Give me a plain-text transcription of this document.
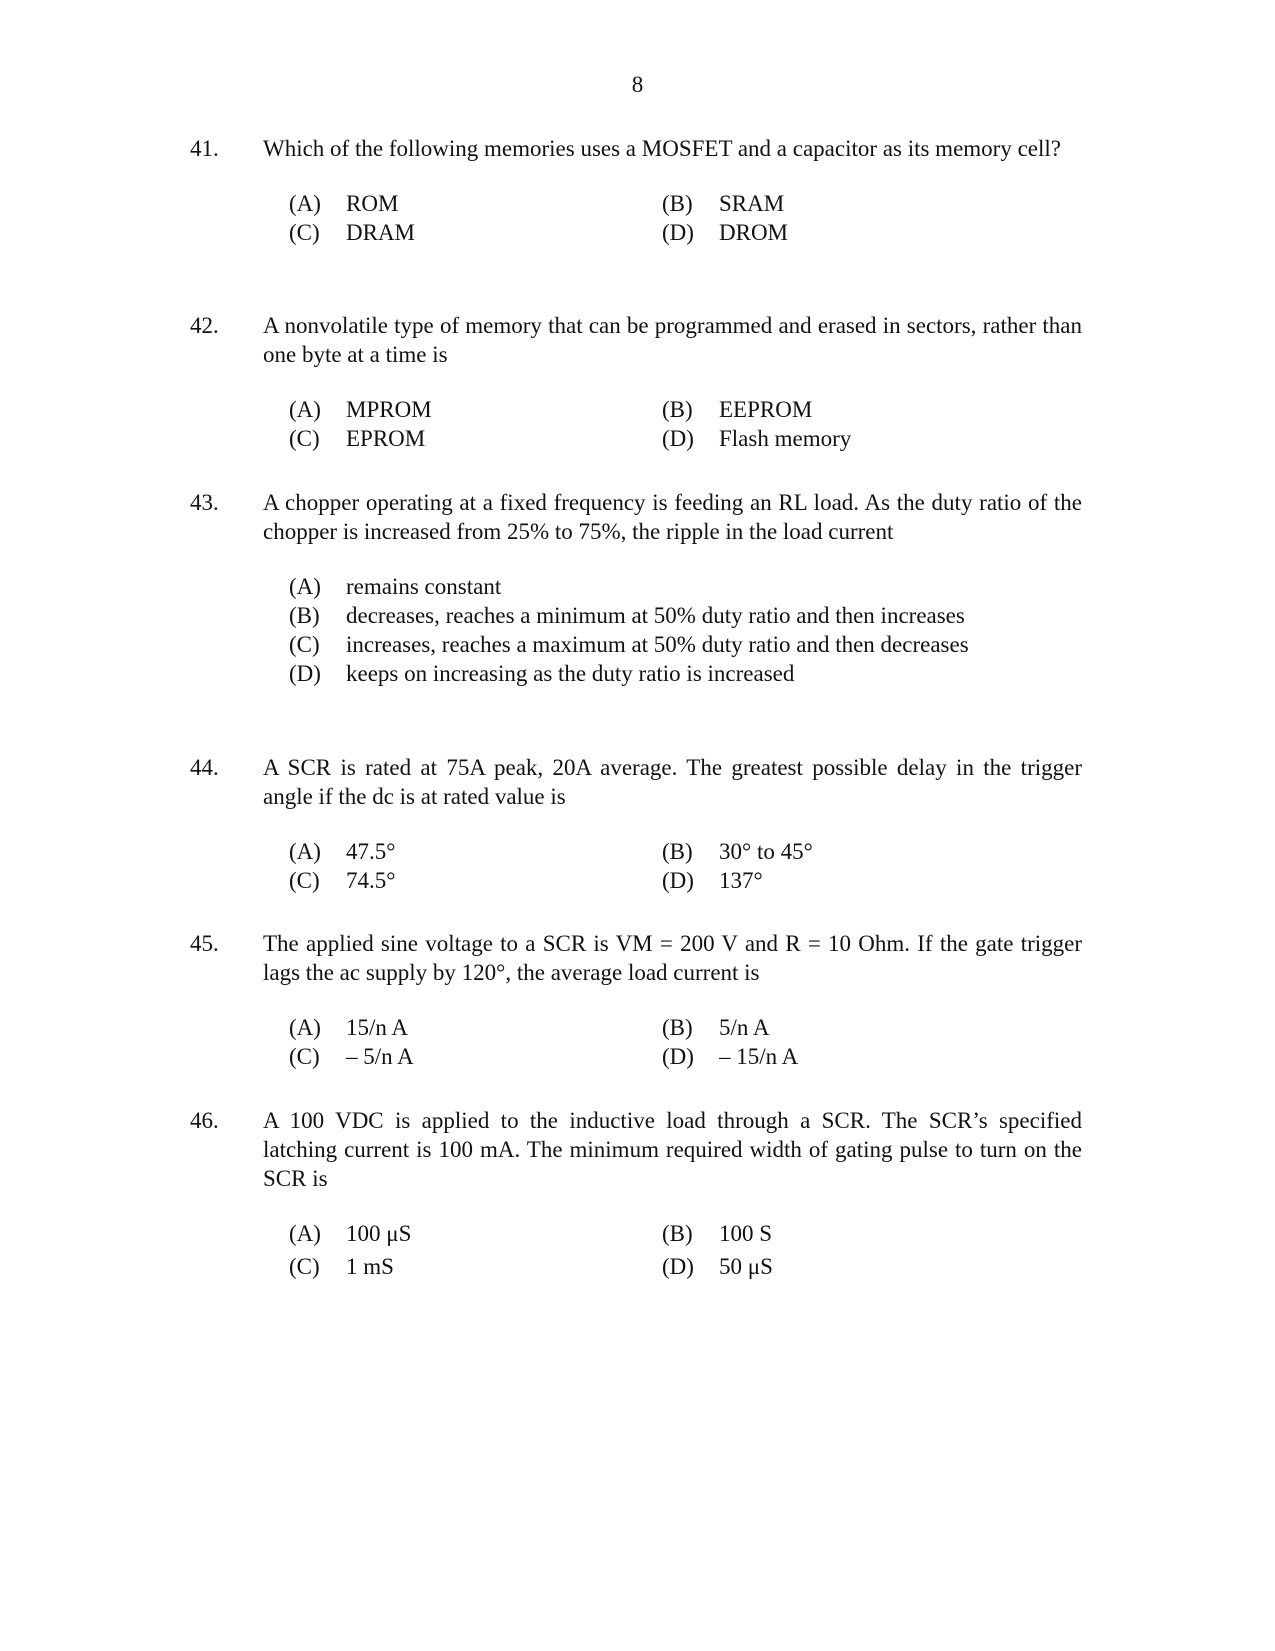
8
41.	Which of the following memories uses a MOSFET and a capacitor as its memory cell?
(A)	ROM	(B)	SRAM
(C)	DRAM	(D)	DROM
42.	A nonvolatile type of memory that can be programmed and erased in sectors, rather than one byte at a time is
(A)	MPROM	(B)	EEPROM
(C)	EPROM	(D)	Flash memory
43.	A chopper operating at a fixed frequency is feeding an RL load. As the duty ratio of the chopper is increased from 25% to 75%, the ripple in the load current
(A)	remains constant
(B)	decreases, reaches a minimum at 50% duty ratio and then increases
(C)	increases, reaches a maximum at 50% duty ratio and then decreases
(D)	keeps on increasing as the duty ratio is increased
44.	A SCR is rated at 75A peak, 20A average. The greatest possible delay in the trigger angle if the dc is at rated value is
(A)	47.5°	(B)	30° to 45°
(C)	74.5°	(D)	137°
45.	The applied sine voltage to a SCR is VM = 200 V and R = 10 Ohm. If the gate trigger lags the ac supply by 120°, the average load current is
(A)	15/n A	(B)	5/n A
(C)	– 5/n A	(D)	– 15/n A
46.	A 100 VDC is applied to the inductive load through a SCR. The SCR’s specified latching current is 100 mA. The minimum required width of gating pulse to turn on the SCR is
(A)	100 μS	(B)	100 S
(C)	1 mS	(D)	50 μS
